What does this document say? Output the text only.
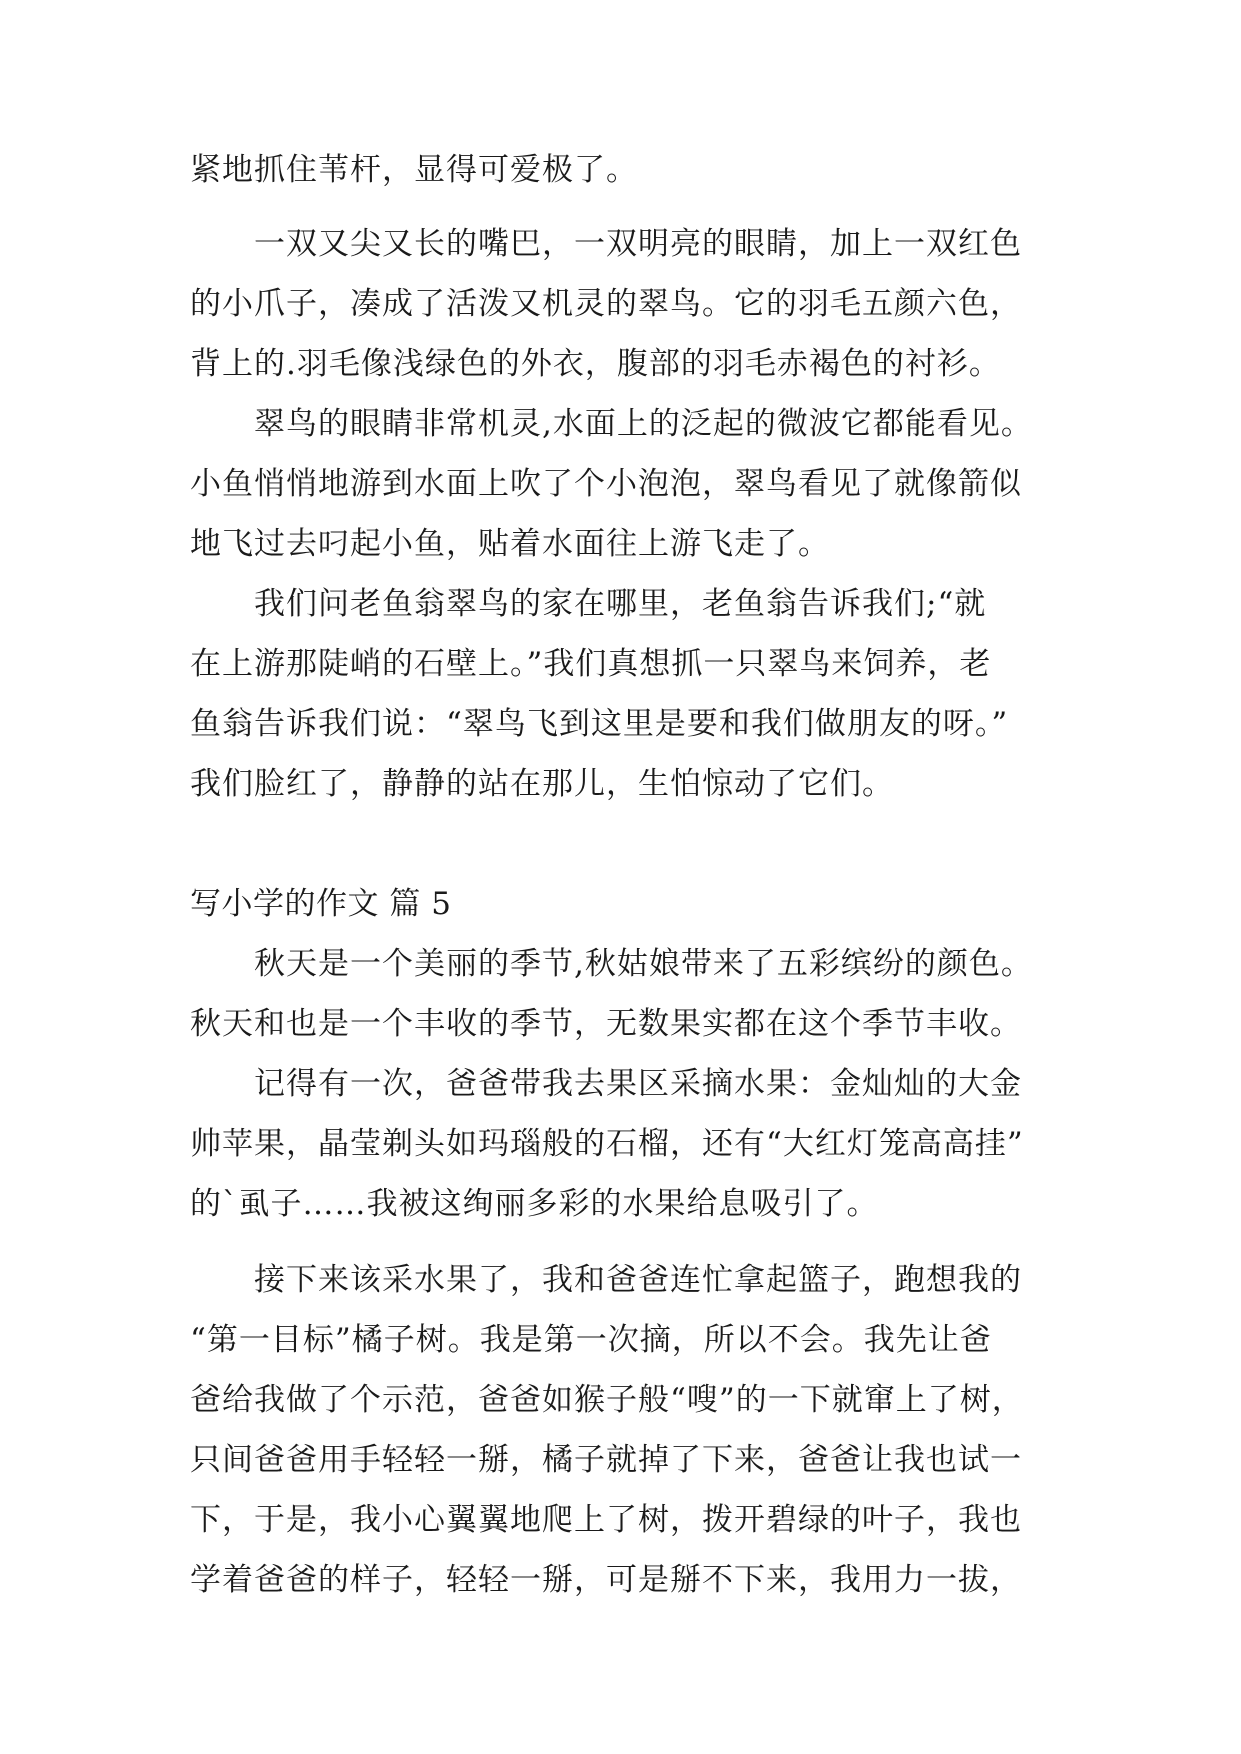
紧地抓住苇杆，显得可爱极了。
一双又尖又长的嘴巴，一双明亮的眼睛，加上一双红色
的小爪子，凑成了活泼又机灵的翠鸟。它的羽毛五颜六色，
背上的.羽毛像浅绿色的外衣，腹部的羽毛赤褐色的衬衫。
翠鸟的眼睛非常机灵,水面上的泛起的微波它都能看见。
小鱼悄悄地游到水面上吹了个小泡泡，翠鸟看见了就像箭似
地飞过去叼起小鱼，贴着水面往上游飞走了。
我们问老鱼翁翠鸟的家在哪里，老鱼翁告诉我们;“就
在上游那陡峭的石壁上。”我们真想抓一只翠鸟来饲养，老
鱼翁告诉我们说：“翠鸟飞到这里是要和我们做朋友的呀。”
我们脸红了，静静的站在那儿，生怕惊动了它们。
写小学的作文 篇 5
秋天是一个美丽的季节,秋姑娘带来了五彩缤纷的颜色。
秋天和也是一个丰收的季节，无数果实都在这个季节丰收。
记得有一次，爸爸带我去果区采摘水果：金灿灿的大金
帅苹果，晶莹剃头如玛瑙般的石榴，还有“大红灯笼高高挂”
的`虱子……我被这绚丽多彩的水果给息吸引了。
接下来该采水果了，我和爸爸连忙拿起篮子，跑想我的
“第一目标”橘子树。我是第一次摘，所以不会。我先让爸
爸给我做了个示范，爸爸如猴子般“嗖”的一下就窜上了树，
只间爸爸用手轻轻一掰，橘子就掉了下来，爸爸让我也试一
下，于是，我小心翼翼地爬上了树，拨开碧绿的叶子，我也
学着爸爸的样子，轻轻一掰，可是掰不下来，我用力一拔，
